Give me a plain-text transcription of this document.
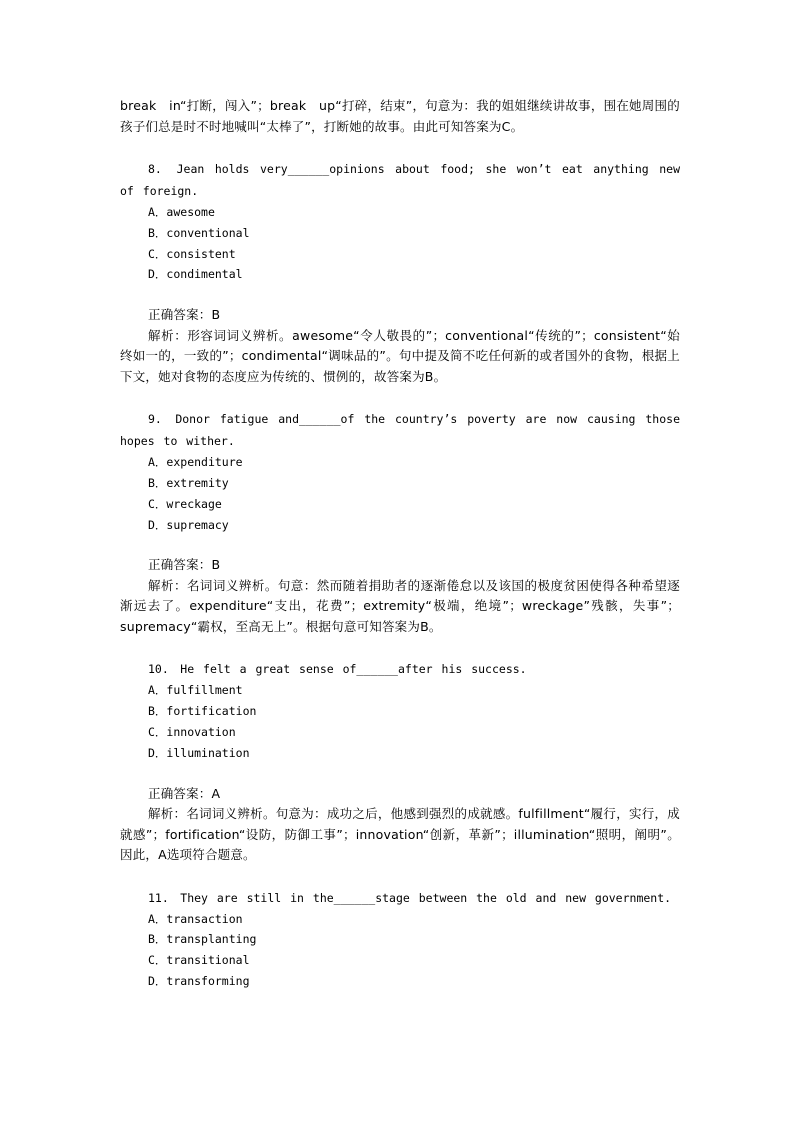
break　in“打断，闯入”；break　up“打碎，结束”，句意为：我的姐姐继续讲故事，围在她周围的孩子们总是时不时地喊叫“太棒了”，打断她的故事。由此可知答案为C。

8.　Jean holds very______opinions about food; she won’t eat anything new of foreign.

A．awesome

B．conventional

C．consistent

D．condimental

正确答案：B

解析：形容词词义辨析。awesome“令人敬畏的”；conventional“传统的”；consistent“始终如一的，一致的”；condimental“调味品的”。句中提及简不吃任何新的或者国外的食物，根据上下文，她对食物的态度应为传统的、惯例的，故答案为B。

9.　Donor fatigue and______of the country’s poverty are now causing those hopes to wither.

A．expenditure

B．extremity

C．wreckage

D．supremacy

正确答案：B

解析：名词词义辨析。句意：然而随着捐助者的逐渐倦怠以及该国的极度贫困使得各种希望逐渐远去了。expenditure“支出，花费”；extremity“极端，绝境”；wreckage”残骸，失事”；supremacy“霸权，至高无上”。根据句意可知答案为B。

10.　He felt a great sense of______after his success.

A．fulfillment

B．fortification

C．innovation

D．illumination

正确答案：A

解析：名词词义辨析。句意为：成功之后，他感到强烈的成就感。fulfillment“履行，实行，成就感”；fortification“设防，防御工事”；innovation“创新，革新”；illumination“照明，阐明”。因此，A选项符合题意。

11.　They are still in the______stage between the old and new government.

A．transaction

B．transplanting

C．transitional

D．transforming
